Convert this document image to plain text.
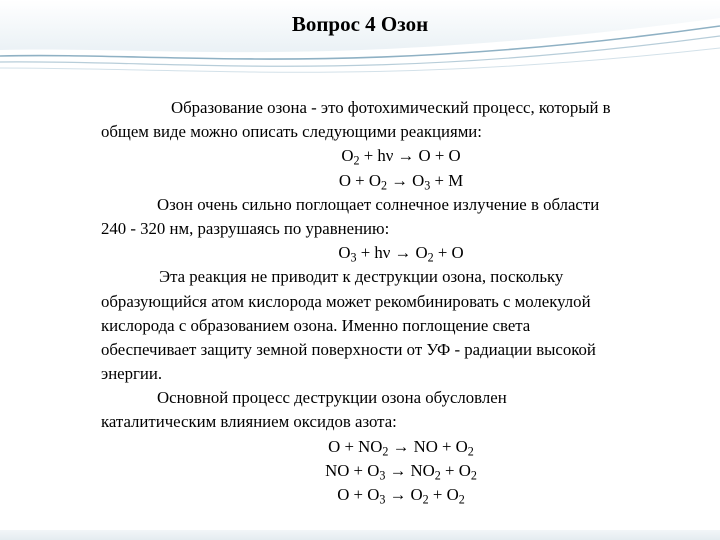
Вопрос 4 Озон
Образование озона - это фотохимический процесс, который в
общем виде можно описать следующими реакциями:
$O_2 + h\nu \to O + O$
$O + O_2 \to O_3 + M$
Озон очень сильно поглощает солнечное излучение в области
240 - 320 нм, разрушаясь по уравнению:
$O_3 + h\nu \to O_2 + O$
Эта реакция не приводит к деструкции озона, поскольку
образующийся атом кислорода может рекомбинировать с молекулой
кислорода с образованием озона. Именно поглощение света
обеспечивает защиту земной поверхности от УФ - радиации высокой
энергии.
Основной процесс деструкции озона обусловлен
каталитическим влиянием оксидов азота:
$O + NO_2$ → NO + $O_2$
NO + $O_3 \to NO_2 + O_2$
$O + O_3 \to O_2 + O_2$
